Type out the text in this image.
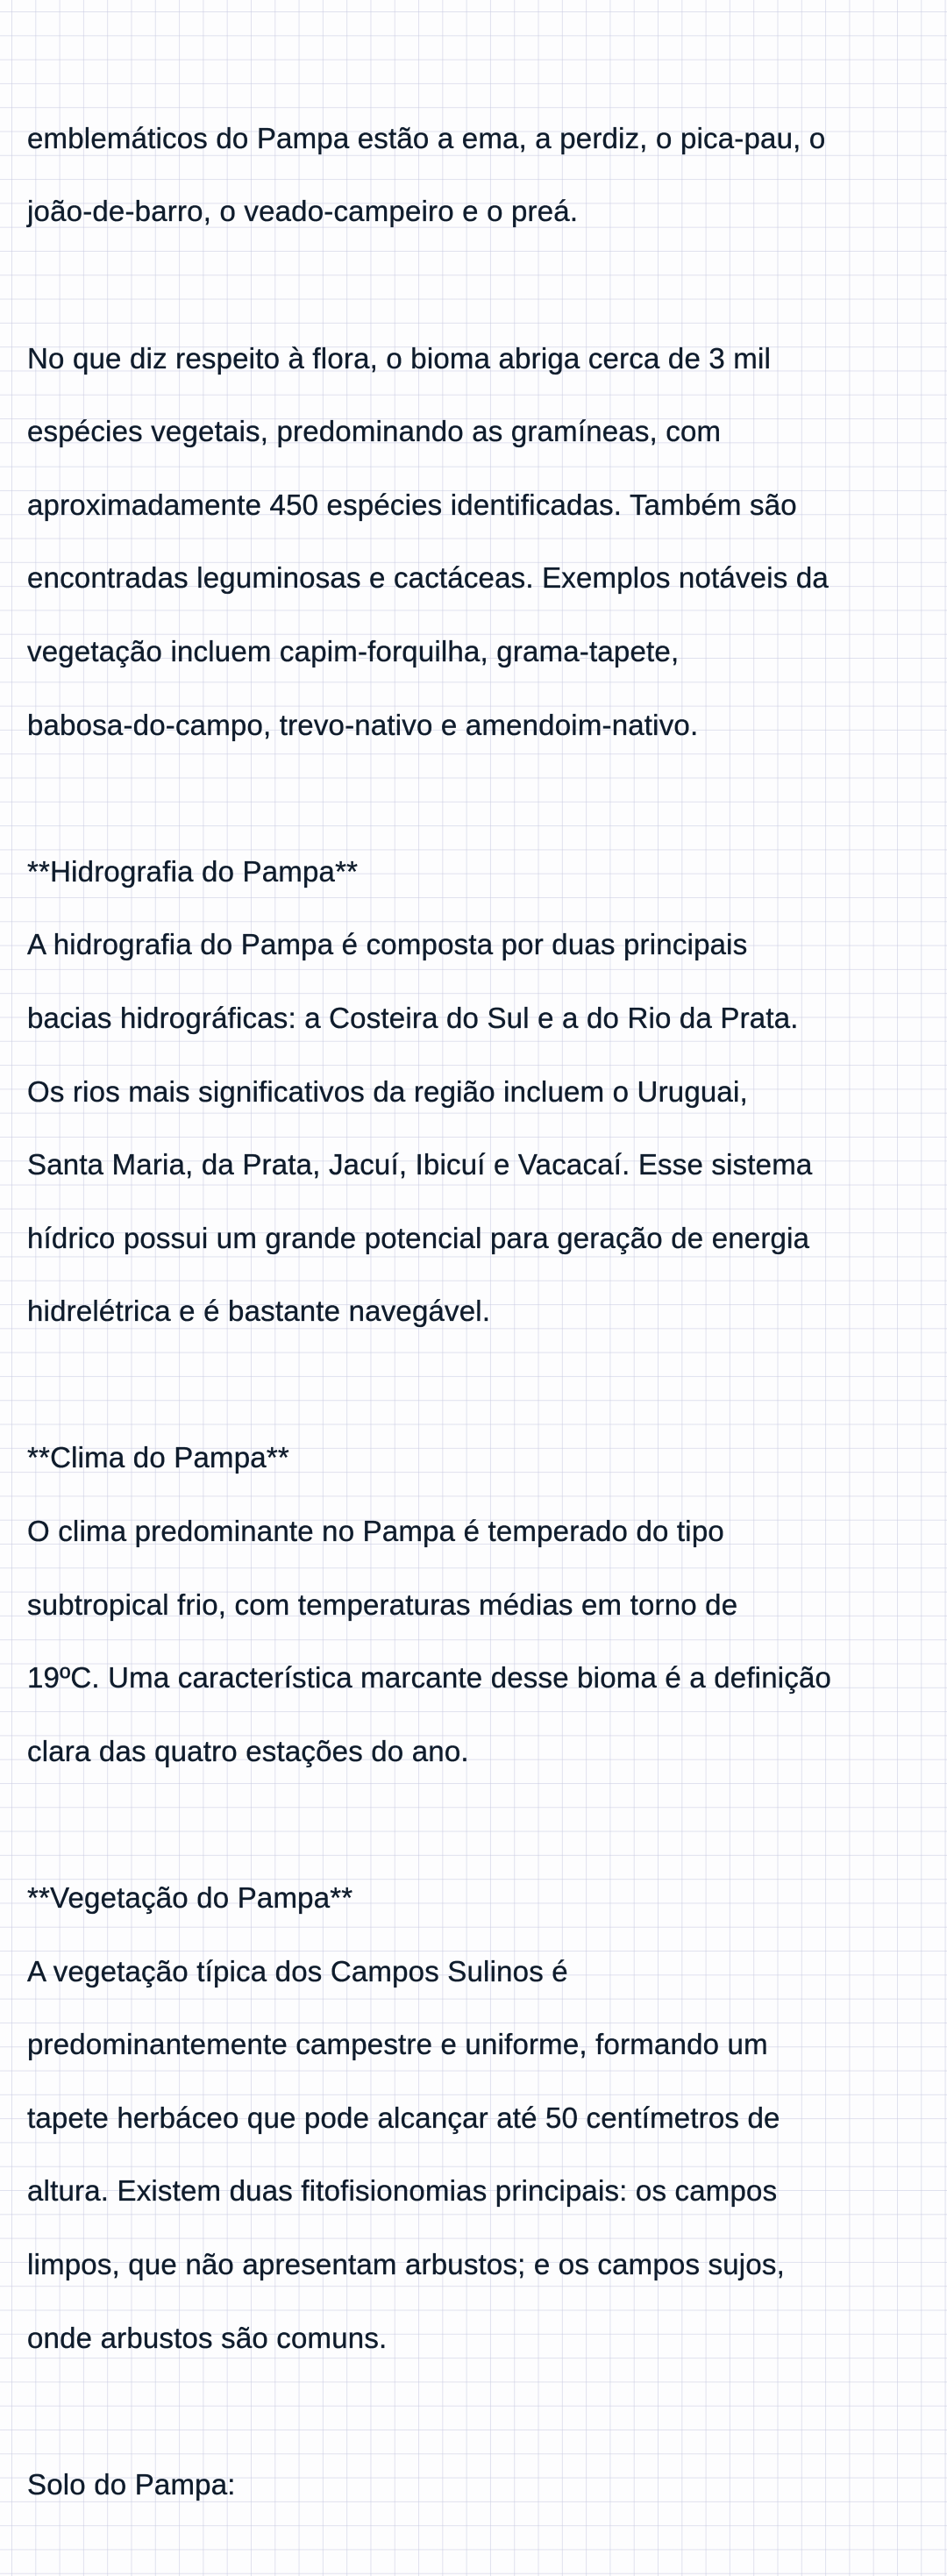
emblemáticos do Pampa estão a ema, a perdiz, o pica-pau, o

joão-de-barro, o veado-campeiro e o preá.

No que diz respeito à flora, o bioma abriga cerca de 3 mil

espécies vegetais, predominando as gramíneas, com

aproximadamente 450 espécies identificadas. Também são

encontradas leguminosas e cactáceas. Exemplos notáveis da

vegetação incluem capim-forquilha, grama-tapete,

babosa-do-campo, trevo-nativo e amendoim-nativo.

**Hidrografia do Pampa**

A hidrografia do Pampa é composta por duas principais

bacias hidrográficas: a Costeira do Sul e a do Rio da Prata.

Os rios mais significativos da região incluem o Uruguai,

Santa Maria, da Prata, Jacuí, Ibicuí e Vacacaí. Esse sistema

hídrico possui um grande potencial para geração de energia

hidrelétrica e é bastante navegável.

**Clima do Pampa**

O clima predominante no Pampa é temperado do tipo

subtropical frio, com temperaturas médias em torno de

19ºC. Uma característica marcante desse bioma é a definição

clara das quatro estações do ano.

**Vegetação do Pampa**

A vegetação típica dos Campos Sulinos é

predominantemente campestre e uniforme, formando um

tapete herbáceo que pode alcançar até 50 centímetros de

altura. Existem duas fitofisionomias principais: os campos

limpos, que não apresentam arbustos; e os campos sujos,

onde arbustos são comuns.

Solo do Pampa:
